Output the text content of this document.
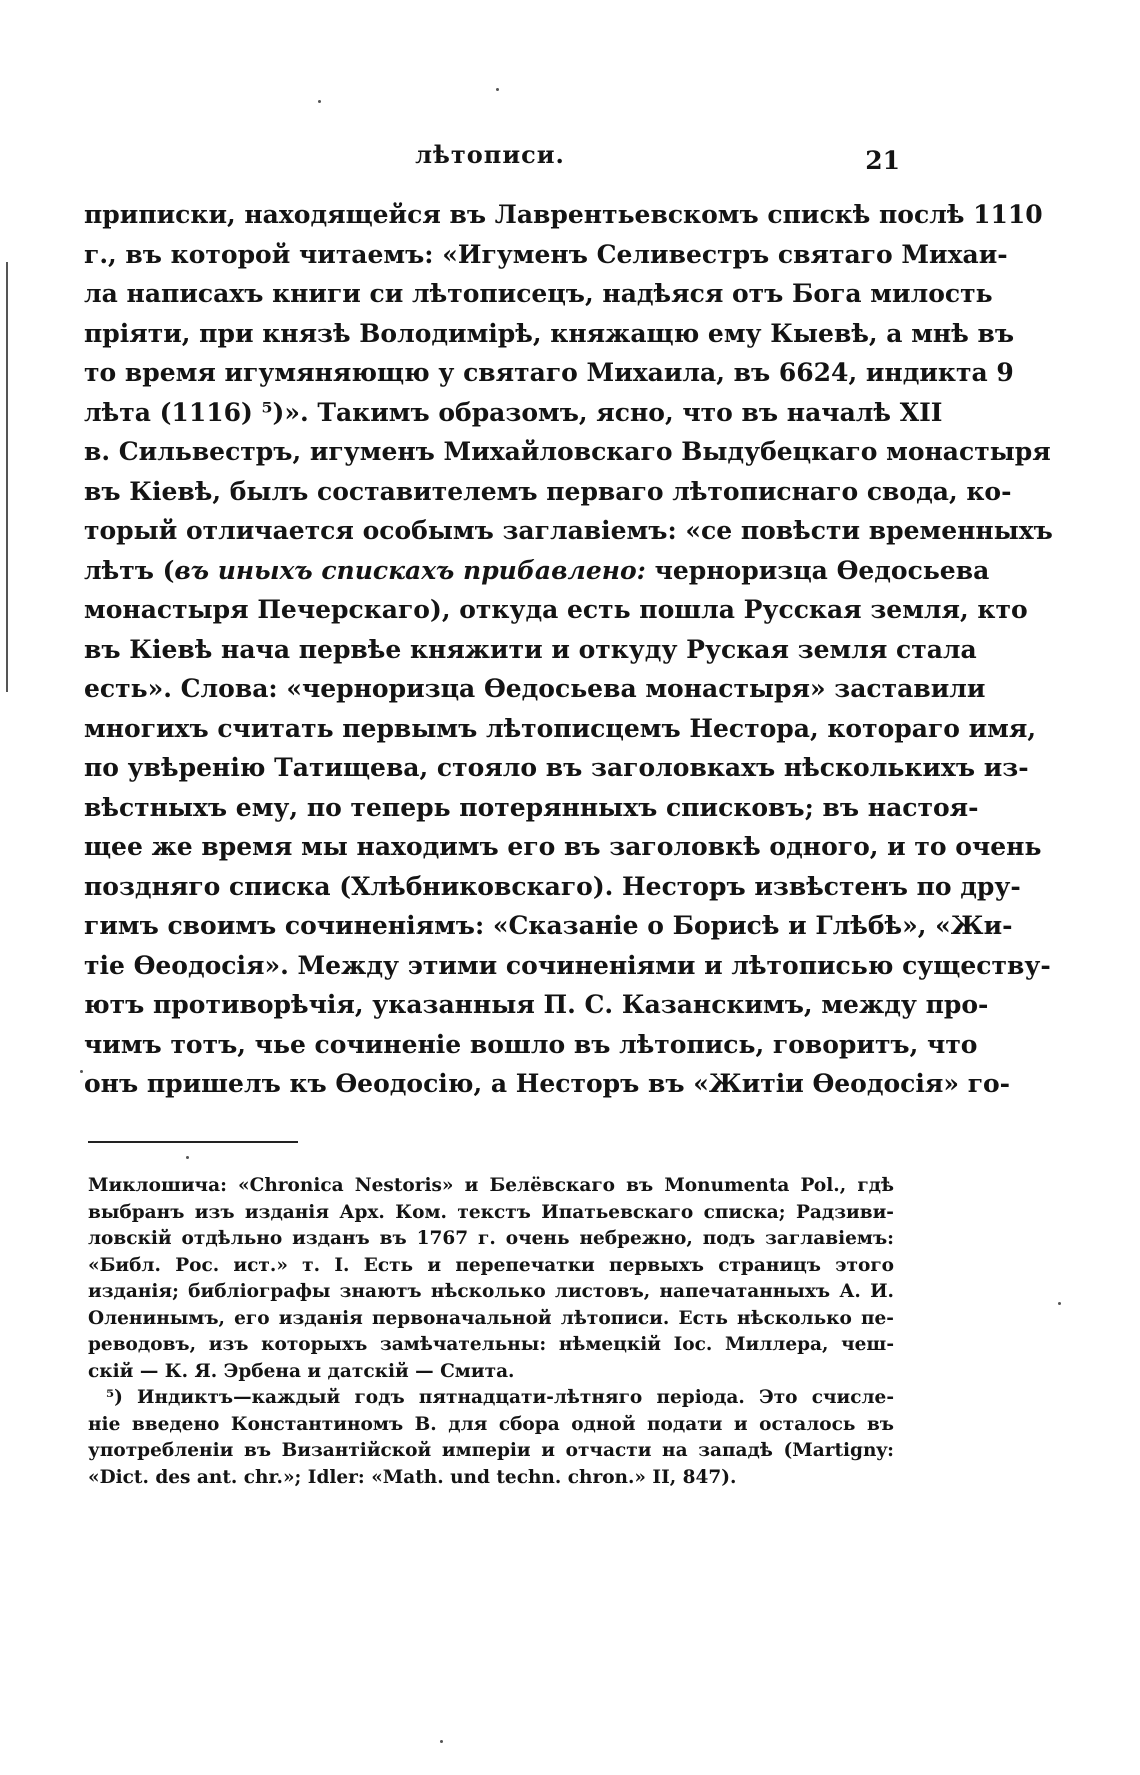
лѣтописи.	21
приписки, находящейся въ Лаврентьевскомъ спискѣ послѣ 1110
г., въ которой читаемъ: «Игуменъ Селивестръ святаго Михаи-
ла написахъ книги си лѣтописецъ, надѣяся отъ Бога милость
пріяти, при князѣ Володимірѣ, княжащю ему Кыевѣ, а мнѣ въ
то время игумяняющю у святаго Михаила, въ 6624, индикта 9
лѣта (1116) ⁵)». Такимъ образомъ, ясно, что въ началѣ XII
в. Сильвестръ, игуменъ Михайловскаго Выдубецкаго монастыря
въ Кіевѣ, былъ составителемъ перваго лѣтописнаго свода, ко-
торый отличается особымъ заглавіемъ: «се повѣсти временныхъ
лѣтъ (въ иныхъ спискахъ прибавлено: черноризца Өедосьева
монастыря Печерскаго), откуда есть пошла Русская земля, кто
въ Кіевѣ нача первѣе княжити и откуду Руская земля стала
есть». Слова: «черноризца Өедосьева монастыря» заставили
многихъ считать первымъ лѣтописцемъ Нестора, котораго имя,
по увѣренію Татищева, стояло въ заголовкахъ нѣсколькихъ из-
вѣстныхъ ему, по теперь потерянныхъ списковъ; въ настоя-
щее же время мы находимъ его въ заголовкѣ одного, и то очень
поздняго списка (Хлѣбниковскаго). Несторъ извѣстенъ по дру-
гимъ своимъ сочиненіямъ: «Сказаніе о Борисѣ и Глѣбѣ», «Жи-
тіе Өеодосія». Между этими сочиненіями и лѣтописью существу-
ютъ противорѣчія, указанныя П. С. Казанскимъ, между про-
чимъ тотъ, чье сочиненіе вошло въ лѣтопись, говоритъ, что
онъ пришелъ къ Өеодосію, а Несторъ въ «Житіи Өеодосія» го-
Миклошича: «Chronica Nestoris» и Белёвскаго въ Monumenta Pol., гдѣ
выбранъ изъ изданія Арх. Ком. текстъ Ипатьевскаго списка; Радзиви-
ловскій отдѣльно изданъ въ 1767 г. очень небрежно, подъ заглавіемъ:
«Библ. Рос. ист.» т. I. Есть и перепечатки первыхъ страницъ этого
изданія; библіографы знаютъ нѣсколько листовъ, напечатанныхъ А. И.
Оленинымъ, его изданія первоначальной лѣтописи. Есть нѣсколько пе-
реводовъ, изъ которыхъ замѣчательны: нѣмецкій Іос. Миллера, чеш-
скій — К. Я. Эрбена и датскій — Смита.
⁵) Индиктъ—каждый годъ пятнадцати-лѣтняго періода. Это счисле-
ніе введено Константиномъ В. для сбора одной подати и осталось въ
употребленіи въ Византійской имперіи и отчасти на западѣ (Martigny:
«Dict. des ant. chr.»; Idler: «Math. und techn. chron.» II, 847).
